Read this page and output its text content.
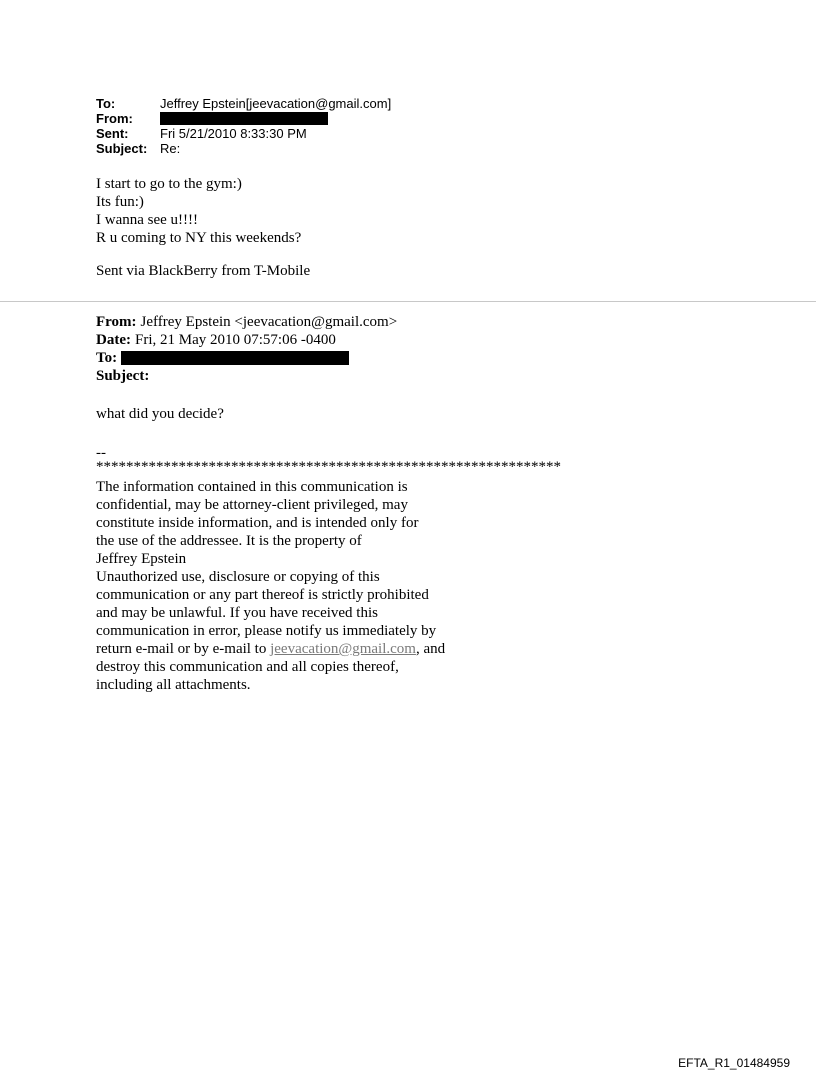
To:	Jeffrey Epstein[jeevacation@gmail.com]
From:
Sent:	Fri 5/21/2010 8:33:30 PM
Subject: Re:
I start to go to the gym:)
Its fun:)
I wanna see u!!!!
R u coming to NY this weekends?
Sent via BlackBerry from T-Mobile
From: Jeffrey Epstein <jeevacation@gmail.com>
Date: Fri, 21 May 2010 07:57:06 -0400
To:
Subject:
what did you decide?
--
**************************************************************
The information contained in this communication is
confidential, may be attorney-client privileged, may
constitute inside information, and is intended only for
the use of the addressee. It is the property of
Jeffrey Epstein
Unauthorized use, disclosure or copying of this
communication or any part thereof is strictly prohibited
and may be unlawful. If you have received this
communication in error, please notify us immediately by
return e-mail or by e-mail to jeevacation@gmail.com, and
destroy this communication and all copies thereof,
including all attachments.
EFTA_R1_01484959
